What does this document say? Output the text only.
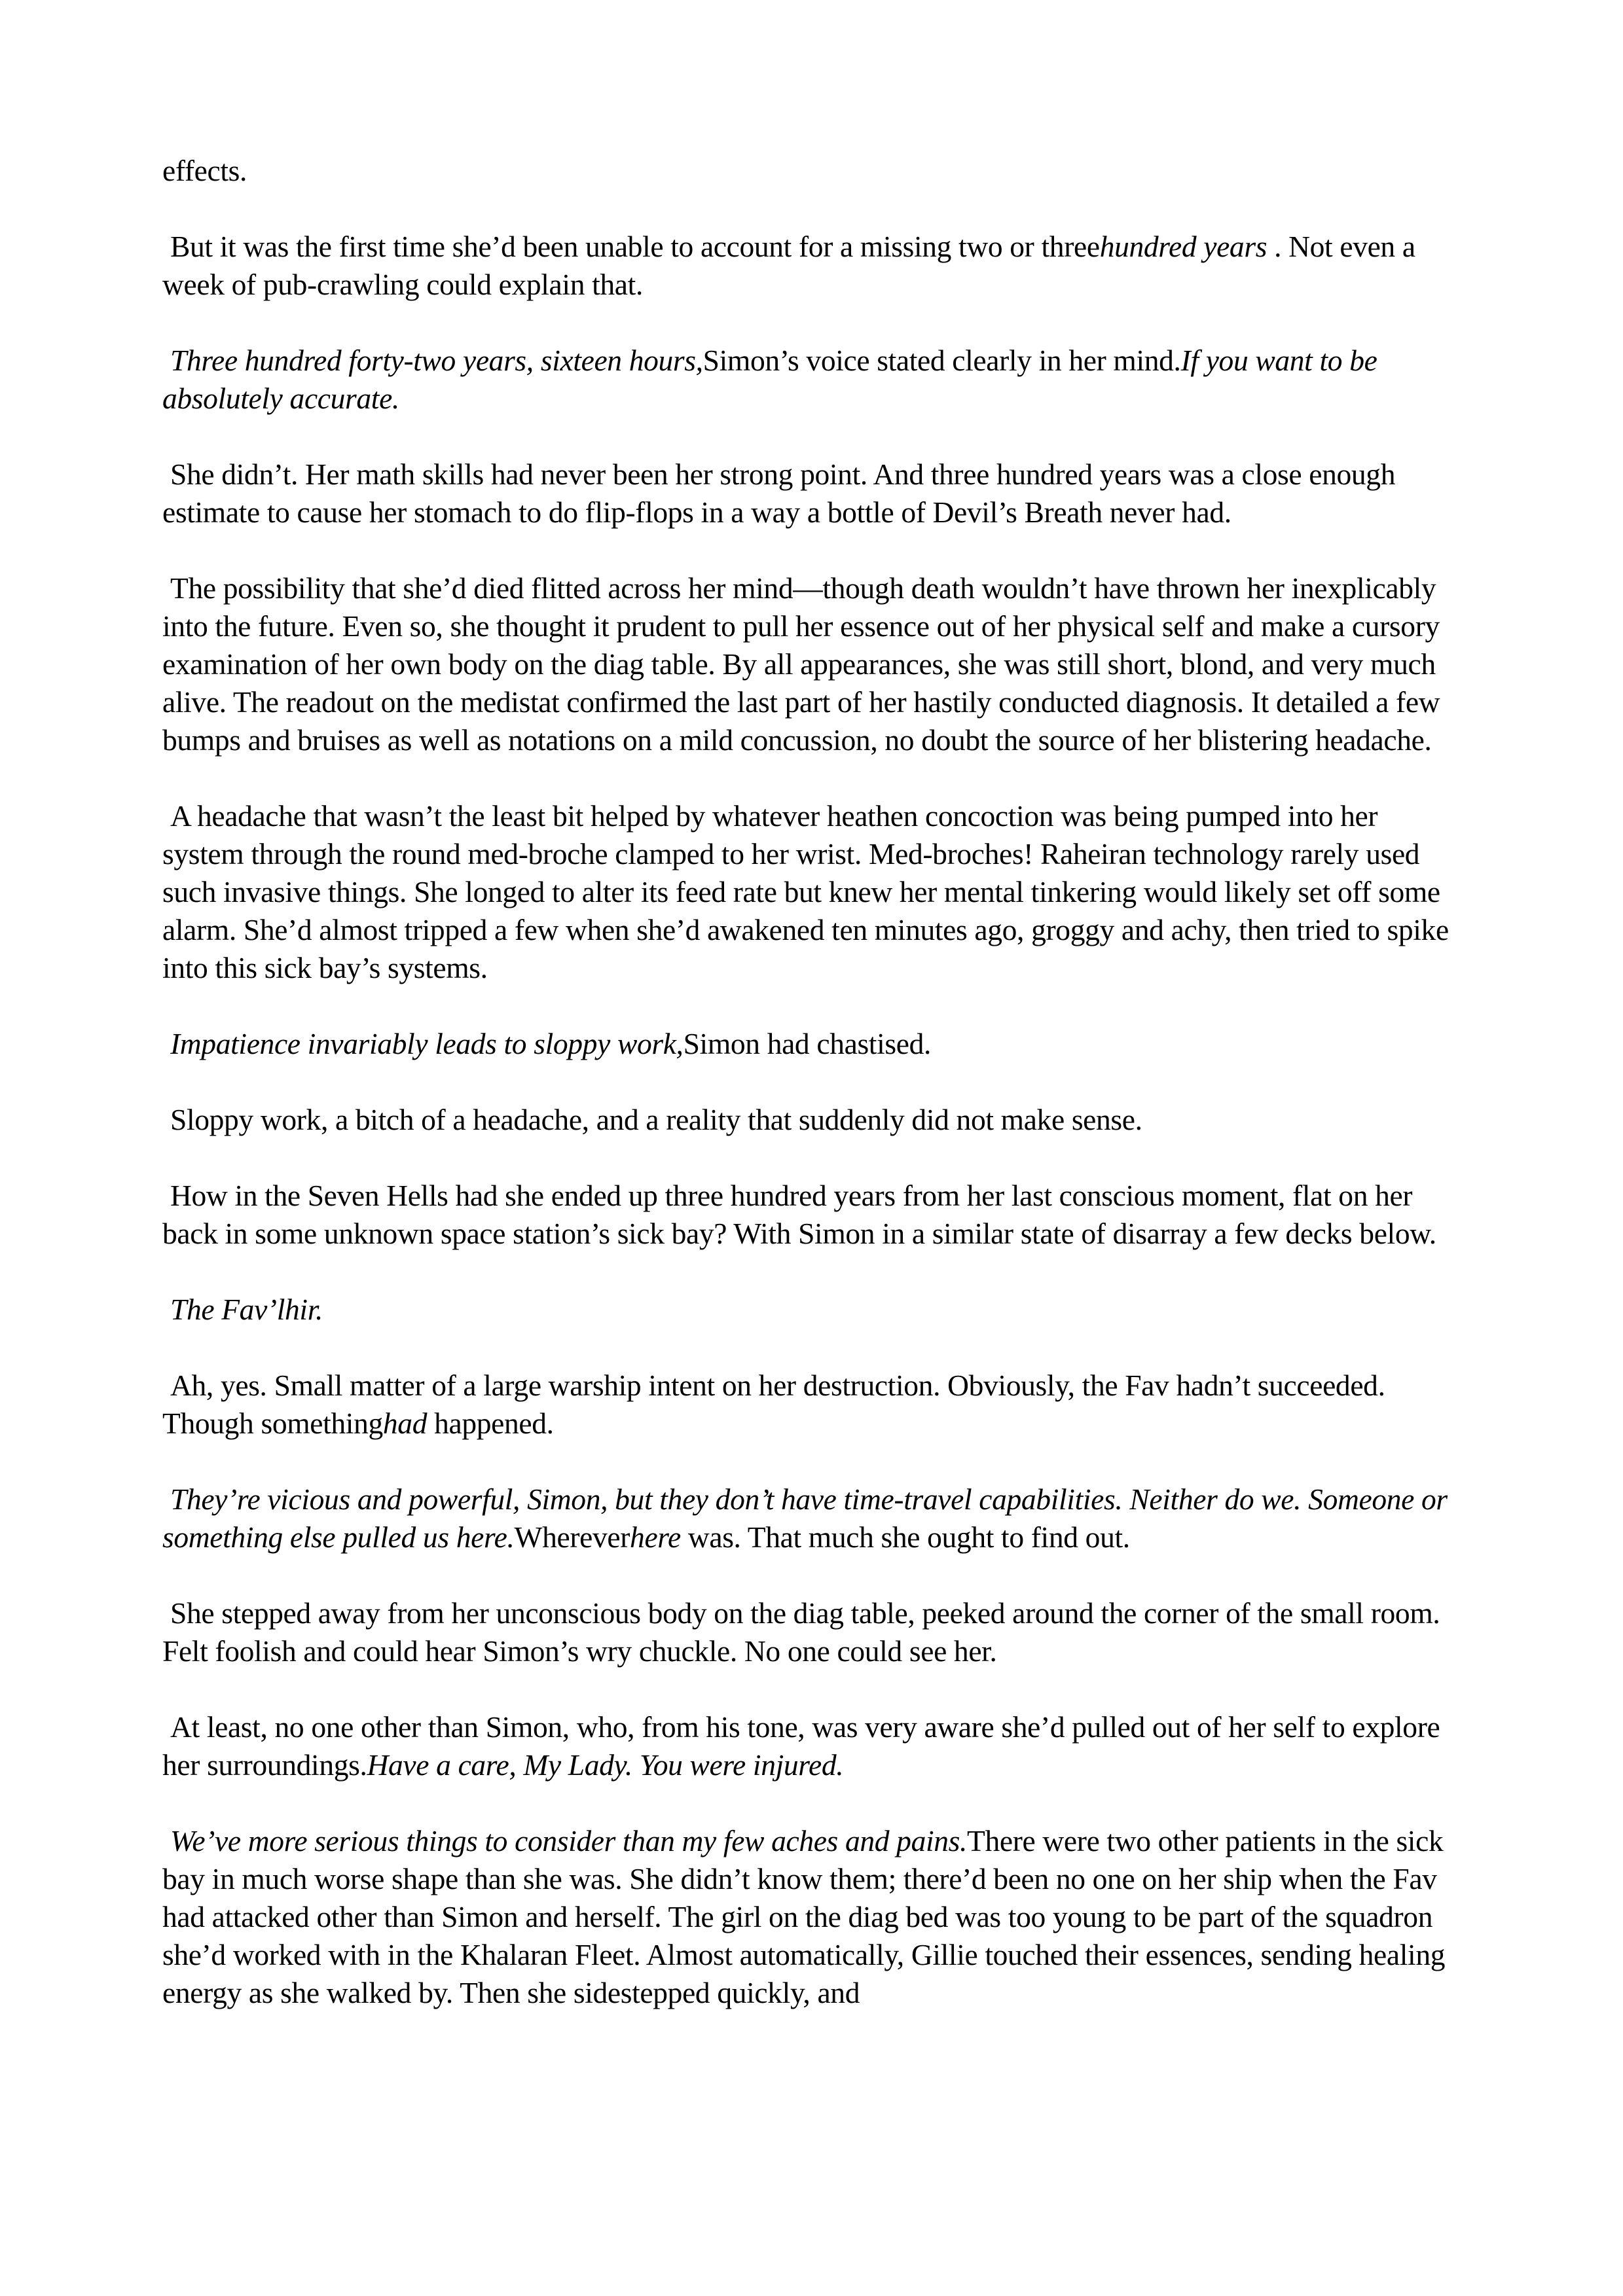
effects.

But it was the first time she’d been unable to account for a missing two or threehundred years . Not even a week of pub-crawling could explain that.

Three hundred forty-two years, sixteen hours,Simon’s voice stated clearly in her mind.If you want to be absolutely accurate.

She didn’t. Her math skills had never been her strong point. And three hundred years was a close enough estimate to cause her stomach to do flip-flops in a way a bottle of Devil’s Breath never had.

The possibility that she’d died flitted across her mind—though death wouldn’t have thrown her inexplicably into the future. Even so, she thought it prudent to pull her essence out of her physical self and make a cursory examination of her own body on the diag table. By all appearances, she was still short, blond, and very much alive. The readout on the medistat confirmed the last part of her hastily conducted diagnosis. It detailed a few bumps and bruises as well as notations on a mild concussion, no doubt the source of her blistering headache.

A headache that wasn’t the least bit helped by whatever heathen concoction was being pumped into her system through the round med-broche clamped to her wrist. Med-broches! Raheiran technology rarely used such invasive things. She longed to alter its feed rate but knew her mental tinkering would likely set off some alarm. She’d almost tripped a few when she’d awakened ten minutes ago, groggy and achy, then tried to spike into this sick bay’s systems.

Impatience invariably leads to sloppy work,Simon had chastised.

Sloppy work, a bitch of a headache, and a reality that suddenly did not make sense.

How in the Seven Hells had she ended up three hundred years from her last conscious moment, flat on her back in some unknown space station’s sick bay? With Simon in a similar state of disarray a few decks below.

The Fav’lhir.

Ah, yes. Small matter of a large warship intent on her destruction. Obviously, the Fav hadn’t succeeded. Though somethinghad happened.

They’re vicious and powerful, Simon, but they don’t have time-travel capabilities. Neither do we. Someone or something else pulled us here.Whereverhere was. That much she ought to find out.

She stepped away from her unconscious body on the diag table, peeked around the corner of the small room. Felt foolish and could hear Simon’s wry chuckle. No one could see her.

At least, no one other than Simon, who, from his tone, was very aware she’d pulled out of her self to explore her surroundings.Have a care, My Lady. You were injured.

We’ve more serious things to consider than my few aches and pains.There were two other patients in the sick bay in much worse shape than she was. She didn’t know them; there’d been no one on her ship when the Fav had attacked other than Simon and herself. The girl on the diag bed was too young to be part of the squadron she’d worked with in the Khalaran Fleet. Almost automatically, Gillie touched their essences, sending healing energy as she walked by. Then she sidestepped quickly, and
